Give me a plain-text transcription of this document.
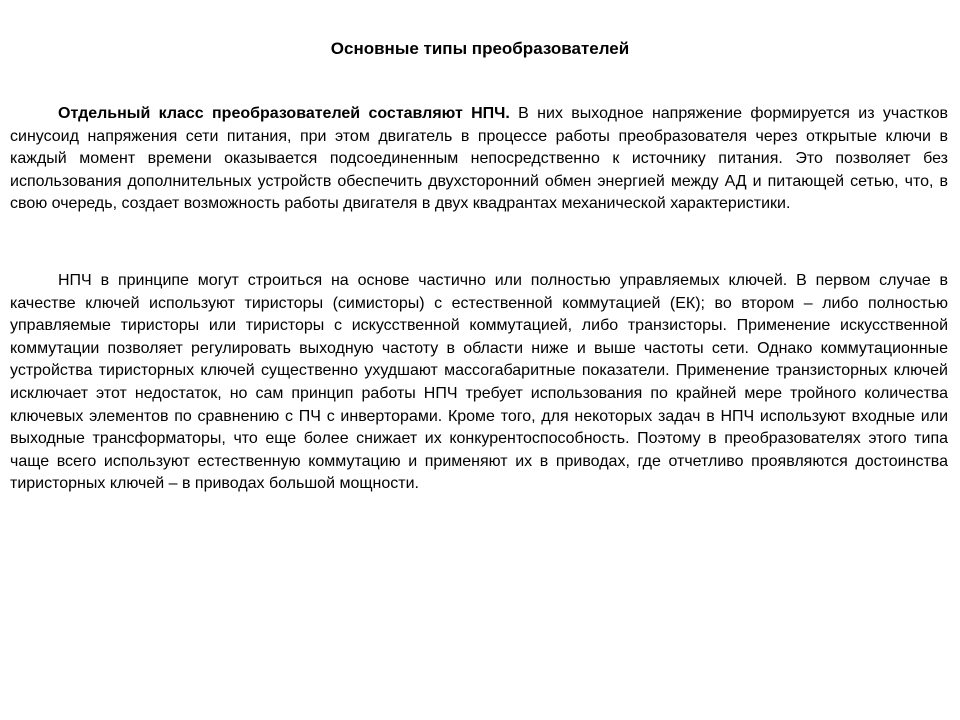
Основные типы преобразователей

Отдельный класс преобразователей составляют НПЧ. В них выходное напряжение формируется из участков синусоид напряжения сети питания, при этом двигатель в процессе работы преобразователя через открытые ключи в каждый момент времени оказывается подсоединенным непосредственно к источнику питания. Это позволяет без использования дополнительных устройств обеспечить двухсторонний обмен энергией между АД и питающей сетью, что, в свою очередь, создает возможность работы двигателя в двух квадрантах механической характеристики.

НПЧ в принципе могут строиться на основе частично или полностью управляемых ключей. В первом случае в качестве ключей используют тиристоры (симисторы) с естественной коммутацией (ЕК); во втором – либо полностью управляемые тиристоры или тиристоры с искусственной коммутацией, либо транзисторы. Применение искусственной коммутации позволяет регулировать выходную частоту в области ниже и выше частоты сети. Однако коммутационные устройства тиристорных ключей существенно ухудшают массогабаритные показатели. Применение транзисторных ключей исключает этот недостаток, но сам принцип работы НПЧ требует использования по крайней мере тройного количества ключевых элементов по сравнению с ПЧ с инверторами. Кроме того, для некоторых задач в НПЧ используют входные или выходные трансформаторы, что еще более снижает их конкурентоспособность. Поэтому в преобразователях этого типа чаще всего используют естественную коммутацию и применяют их в приводах, где отчетливо проявляются достоинства тиристорных ключей – в приводах большой мощности.
